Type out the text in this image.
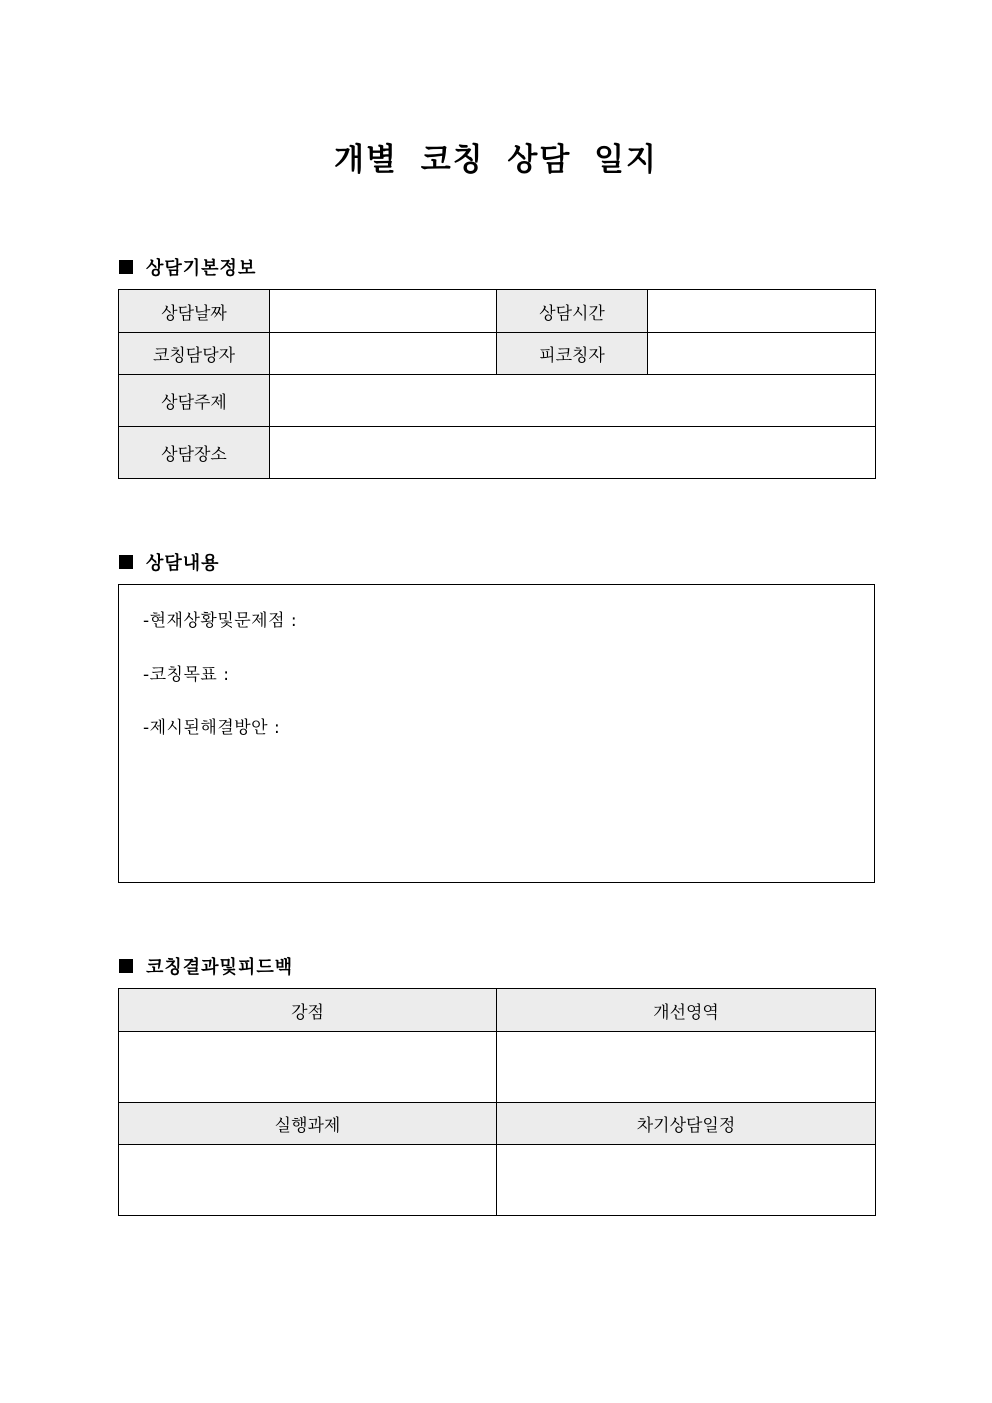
개별 코칭 상담 일지
상담기본정보
상담날짜		상담시간	
코칭담당자		피코칭자	
상담주제			
상담장소			
상담내용
-현재상황및문제점 :
-코칭목표 :
-제시된해결방안 :
코칭결과및피드백
강점	개선영역

실행과제	차기상담일정
